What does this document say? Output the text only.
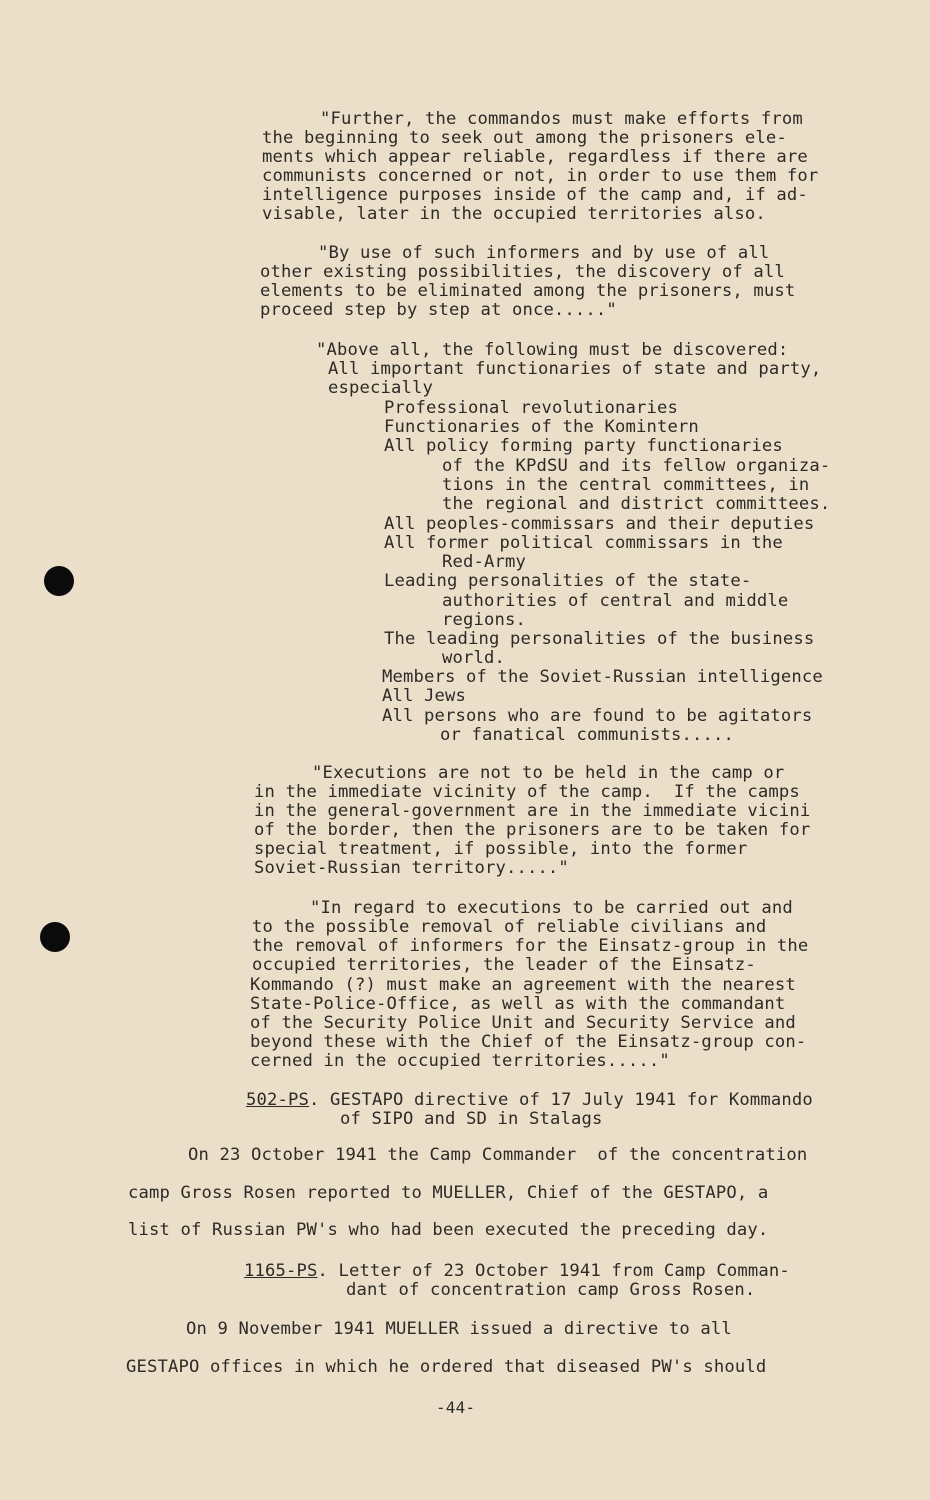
"Further, the commandos must make efforts from
the beginning to seek out among the prisoners ele-
ments which appear reliable, regardless if there are
communists concerned or not, in order to use them for
intelligence purposes inside of the camp and, if ad-
visable, later in the occupied territories also.
"By use of such informers and by use of all
other existing possibilities, the discovery of all
elements to be eliminated among the prisoners, must
proceed step by step at once....."
"Above all, the following must be discovered:
All important functionaries of state and party,
especially
Professional revolutionaries
Functionaries of the Komintern
All policy forming party functionaries
of the KPdSU and its fellow organiza-
tions in the central committees, in
the regional and district committees.
All peoples-commissars and their deputies
All former political commissars in the
Red-Army
Leading personalities of the state-
authorities of central and middle
regions.
The leading personalities of the business
world.
Members of the Soviet-Russian intelligence
All Jews
All persons who are found to be agitators
or fanatical communists.....
"Executions are not to be held in the camp or
in the immediate vicinity of the camp.  If the camps
in the general-government are in the immediate vicini
of the border, then the prisoners are to be taken for
special treatment, if possible, into the former
Soviet-Russian territory....."
"In regard to executions to be carried out and
to the possible removal of reliable civilians and
the removal of informers for the Einsatz-group in the
occupied territories, the leader of the Einsatz-
Kommando (?) must make an agreement with the nearest
State-Police-Office, as well as with the commandant
of the Security Police Unit and Security Service and
beyond these with the Chief of the Einsatz-group con-
cerned in the occupied territories....."
502-PS. GESTAPO directive of 17 July 1941 for Kommando
of SIPO and SD in Stalags
On 23 October 1941 the Camp Commander  of the concentration
camp Gross Rosen reported to MUELLER, Chief of the GESTAPO, a
list of Russian PW's who had been executed the preceding day.
1165-PS. Letter of 23 October 1941 from Camp Comman-
dant of concentration camp Gross Rosen.
On 9 November 1941 MUELLER issued a directive to all
GESTAPO offices in which he ordered that diseased PW's should
-44-
